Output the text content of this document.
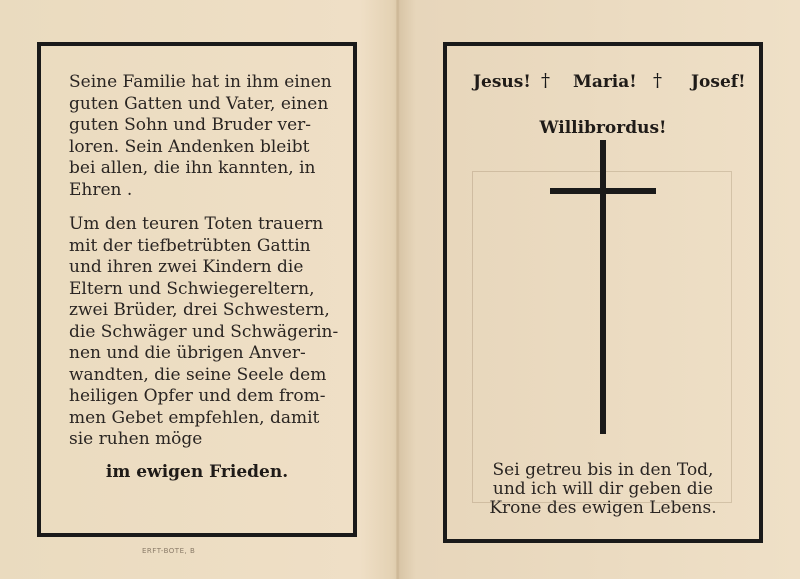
Seine Familie hat in ihm einen
guten Gatten und Vater, einen
guten Sohn und Bruder ver-
loren. Sein Andenken bleibt
bei allen, die ihn kannten, in
Ehren .
Um den teuren Toten trauern
mit der tiefbetrübten Gattin
und ihren zwei Kindern die
Eltern und Schwiegereltern,
zwei Brüder, drei Schwestern,
die Schwäger und Schwägerin-
nen und die übrigen Anver-
wandten, die seine Seele dem
heiligen Opfer und dem from-
men Gebet empfehlen, damit
sie ruhen möge
im ewigen Frieden.
Jesus! † Maria! † Josef!
Willibrordus!
Sei getreu bis in den Tod,
und ich will dir geben die
Krone des ewigen Lebens.
ERFT-BOTE, B
